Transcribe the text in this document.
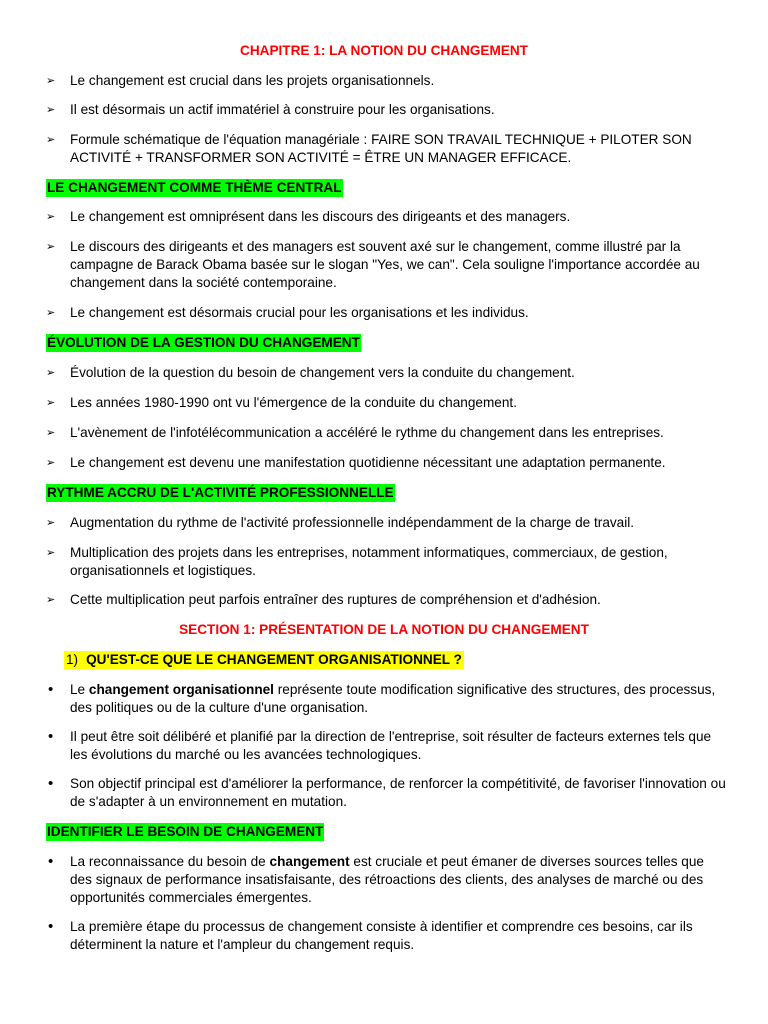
CHAPITRE 1: LA NOTION DU CHANGEMENT
➢	Le changement est crucial dans les projets organisationnels.
➢	Il est désormais un actif immatériel à construire pour les organisations.
➢	Formule schématique de l'équation managériale : FAIRE SON TRAVAIL TECHNIQUE + PILOTER SON ACTIVITÉ + TRANSFORMER SON ACTIVITÉ = ÊTRE UN MANAGER EFFICACE.
LE CHANGEMENT COMME THÈME CENTRAL
➢	Le changement est omniprésent dans les discours des dirigeants et des managers.
➢	Le discours des dirigeants et des managers est souvent axé sur le changement, comme illustré par la campagne de Barack Obama basée sur le slogan "Yes, we can". Cela souligne l'importance accordée au changement dans la société contemporaine.
➢	Le changement est désormais crucial pour les organisations et les individus.
ÉVOLUTION DE LA GESTION DU CHANGEMENT
➢	Évolution de la question du besoin de changement vers la conduite du changement.
➢	Les années 1980-1990 ont vu l'émergence de la conduite du changement.
➢	L'avènement de l'infotélécommunication a accéléré le rythme du changement dans les entreprises.
➢	Le changement est devenu une manifestation quotidienne nécessitant une adaptation permanente.
RYTHME ACCRU DE L'ACTIVITÉ PROFESSIONNELLE
➢	Augmentation du rythme de l'activité professionnelle indépendamment de la charge de travail.
➢	Multiplication des projets dans les entreprises, notamment informatiques, commerciaux, de gestion, organisationnels et logistiques.
➢	Cette multiplication peut parfois entraîner des ruptures de compréhension et d'adhésion.
SECTION 1: PRÉSENTATION DE LA NOTION DU CHANGEMENT
1) QU'EST-CE QUE LE CHANGEMENT ORGANISATIONNEL ?
•	Le changement organisationnel représente toute modification significative des structures, des processus, des politiques ou de la culture d'une organisation.
•	Il peut être soit délibéré et planifié par la direction de l'entreprise, soit résulter de facteurs externes tels que les évolutions du marché ou les avancées technologiques.
•	Son objectif principal est d'améliorer la performance, de renforcer la compétitivité, de favoriser l'innovation ou de s'adapter à un environnement en mutation.
IDENTIFIER LE BESOIN DE CHANGEMENT
•	La reconnaissance du besoin de changement est cruciale et peut émaner de diverses sources telles que des signaux de performance insatisfaisante, des rétroactions des clients, des analyses de marché ou des opportunités commerciales émergentes.
•	La première étape du processus de changement consiste à identifier et comprendre ces besoins, car ils déterminent la nature et l'ampleur du changement requis.
